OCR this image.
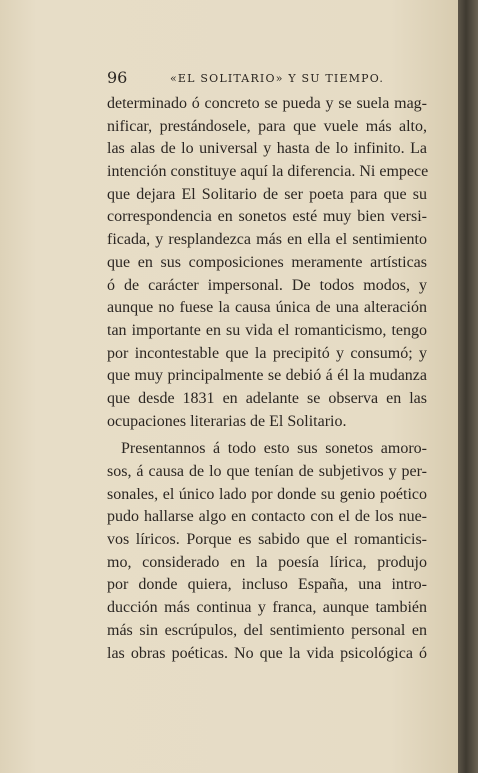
96	«EL SOLITARIO» Y SU TIEMPO.
determinado ó concreto se pueda y se suela mag-
nificar, prestándosele, para que vuele más alto,
las alas de lo universal y hasta de lo infinito. La
intención constituye aquí la diferencia. Ni empece
que dejara El Solitario de ser poeta para que su
correspondencia en sonetos esté muy bien versi-
ficada, y resplandezca más en ella el sentimiento
que en sus composiciones meramente artísticas
ó de carácter impersonal. De todos modos, y
aunque no fuese la causa única de una alteración
tan importante en su vida el romanticismo, tengo
por incontestable que la precipitó y consumó; y
que muy principalmente se debió á él la mudanza
que desde 1831 en adelante se observa en las
ocupaciones literarias de El Solitario.
Presentannos á todo esto sus sonetos amoro-
sos, á causa de lo que tenían de subjetivos y per-
sonales, el único lado por donde su genio poético
pudo hallarse algo en contacto con el de los nue-
vos líricos. Porque es sabido que el romanticis-
mo, considerado en la poesía lírica, produjo
por donde quiera, incluso España, una intro-
ducción más continua y franca, aunque también
más sin escrúpulos, del sentimiento personal en
las obras poéticas. No que la vida psicológica ó
